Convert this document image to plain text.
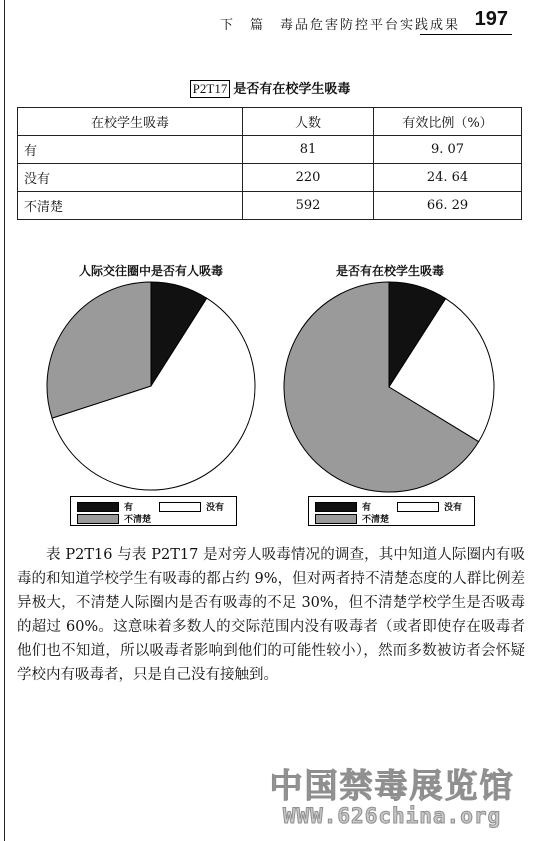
下　篇　毒品危害防控平台实践成果 197
P2T17 是否有在校学生吸毒
在校学生吸毒	人数	有效比例（%）
有	81	9. 07
没有	220	24. 64
不清楚	592	66. 29
人际交往圈中是否有人吸毒	是否有在校学生吸毒
有	没有
不清楚
有	没有
不清楚

表 P2T16 与表 P2T17 是对旁人吸毒情况的调查，其中知道人际圈内有吸毒的和知道学校学生有吸毒的都占约 9%，但对两者持不清楚态度的人群比例差异极大，不清楚人际圈内是否有吸毒的不足 30%，但不清楚学校学生是否吸毒的超过 60%。这意味着多数人的交际范围内没有吸毒者（或者即使存在吸毒者他们也不知道，所以吸毒者影响到他们的可能性较小），然而多数被访者会怀疑学校内有吸毒者，只是自己没有接触到。

中国禁毒展览馆
WWW.626china.org
